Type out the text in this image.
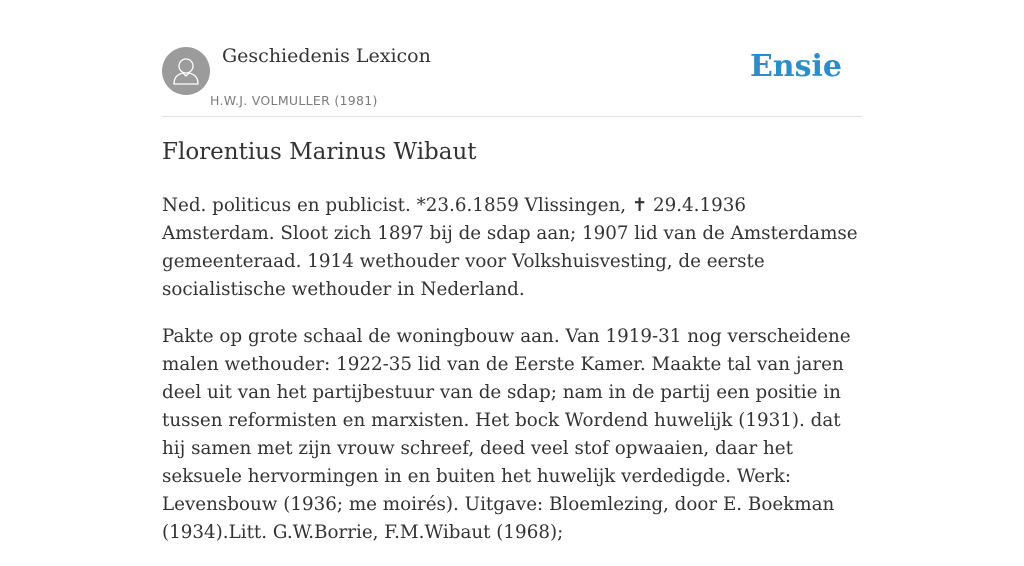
Geschiedenis Lexicon
H.W.J. VOLMULLER (1981)
Ensie
Florentius Marinus Wibaut

Ned. politicus en publicist. *23.6.1859 Vlissingen, ✝ 29.4.1936 Amsterdam. Sloot zich 1897 bij de sdap aan; 1907 lid van de Amsterdamse gemeenteraad. 1914 wethouder voor Volkshuisvesting, de eerste socialistische wethouder in Nederland.

Pakte op grote schaal de woningbouw aan. Van 1919-31 nog verscheidene malen wethouder: 1922-35 lid van de Eerste Kamer. Maakte tal van jaren deel uit van het partijbestuur van de sdap; nam in de partij een positie in tussen reformisten en marxisten. Het bock Wordend huwelijk (1931). dat hij samen met zijn vrouw schreef, deed veel stof opwaaien, daar het seksuele hervormingen in en buiten het huwelijk verdedigde. Werk: Levensbouw (1936; me moirés). Uitgave: Bloemlezing, door E. Boekman (1934).Litt. G.W.Borrie, F.M.Wibaut (1968);
